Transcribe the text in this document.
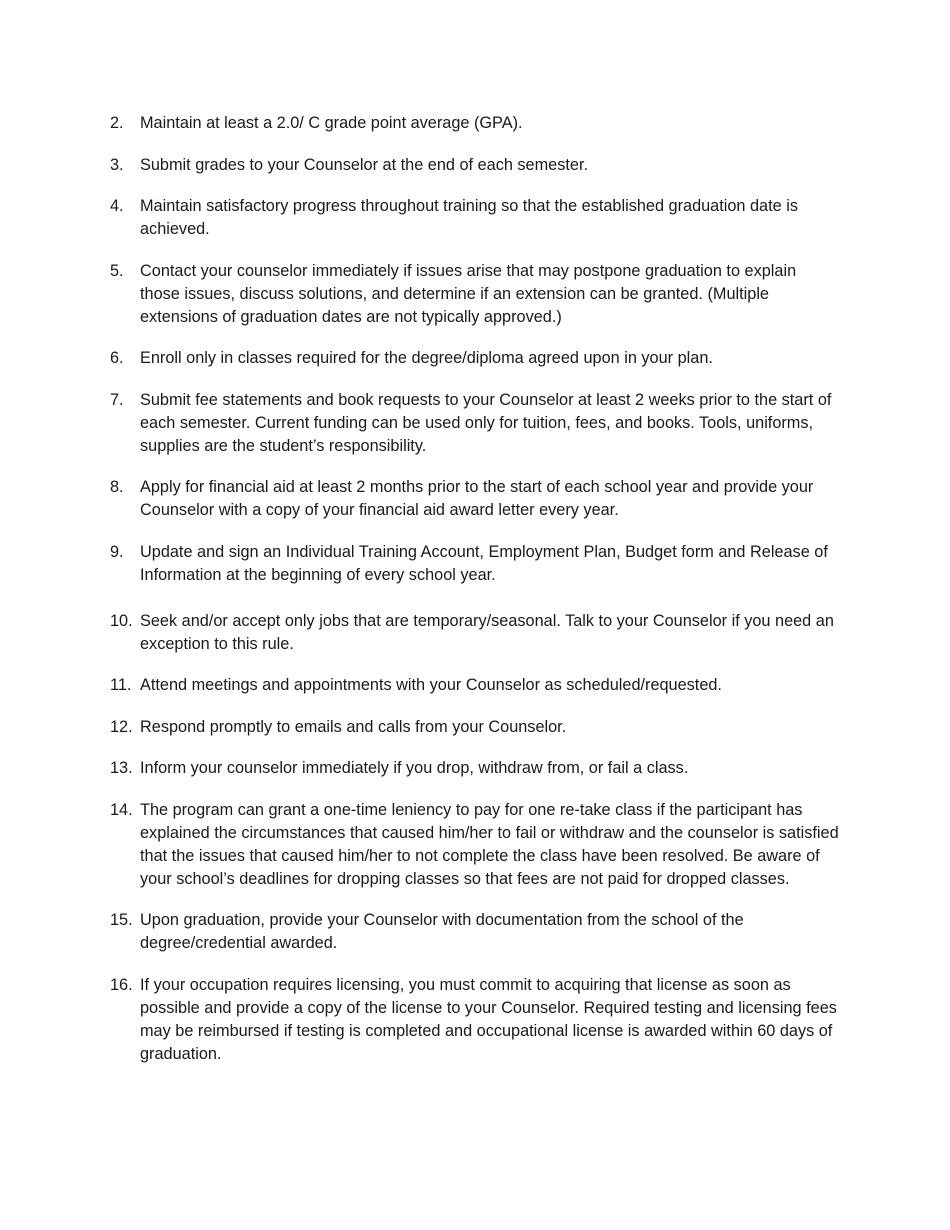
2.	Maintain at least a 2.0/ C grade point average (GPA).
3.	Submit grades to your Counselor at the end of each semester.
4.	Maintain satisfactory progress throughout training so that the established graduation date is achieved.
5.	Contact your counselor immediately if issues arise that may postpone graduation to explain those issues, discuss solutions, and determine if an extension can be granted. (Multiple extensions of graduation dates are not typically approved.)
6.	Enroll only in classes required for the degree/diploma agreed upon in your plan.
7.	Submit fee statements and book requests to your Counselor at least 2 weeks prior to the start of each semester. Current funding can be used only for tuition, fees, and books. Tools, uniforms, supplies are the student’s responsibility.
8.	Apply for financial aid at least 2 months prior to the start of each school year and provide your Counselor with a copy of your financial aid award letter every year.
9.	Update and sign an Individual Training Account, Employment Plan, Budget form and Release of Information at the beginning of every school year.
10. Seek and/or accept only jobs that are temporary/seasonal. Talk to your Counselor if you need an exception to this rule.
11. Attend meetings and appointments with your Counselor as scheduled/requested.
12. Respond promptly to emails and calls from your Counselor.
13. Inform your counselor immediately if you drop, withdraw from, or fail a class.
14. The program can grant a one-time leniency to pay for one re-take class if the participant has explained the circumstances that caused him/her to fail or withdraw and the counselor is satisfied that the issues that caused him/her to not complete the class have been resolved. Be aware of your school’s deadlines for dropping classes so that fees are not paid for dropped classes.
15. Upon graduation, provide your Counselor with documentation from the school of the degree/credential awarded.
16. If your occupation requires licensing, you must commit to acquiring that license as soon as possible and provide a copy of the license to your Counselor. Required testing and licensing fees may be reimbursed if testing is completed and occupational license is awarded within 60 days of graduation.
